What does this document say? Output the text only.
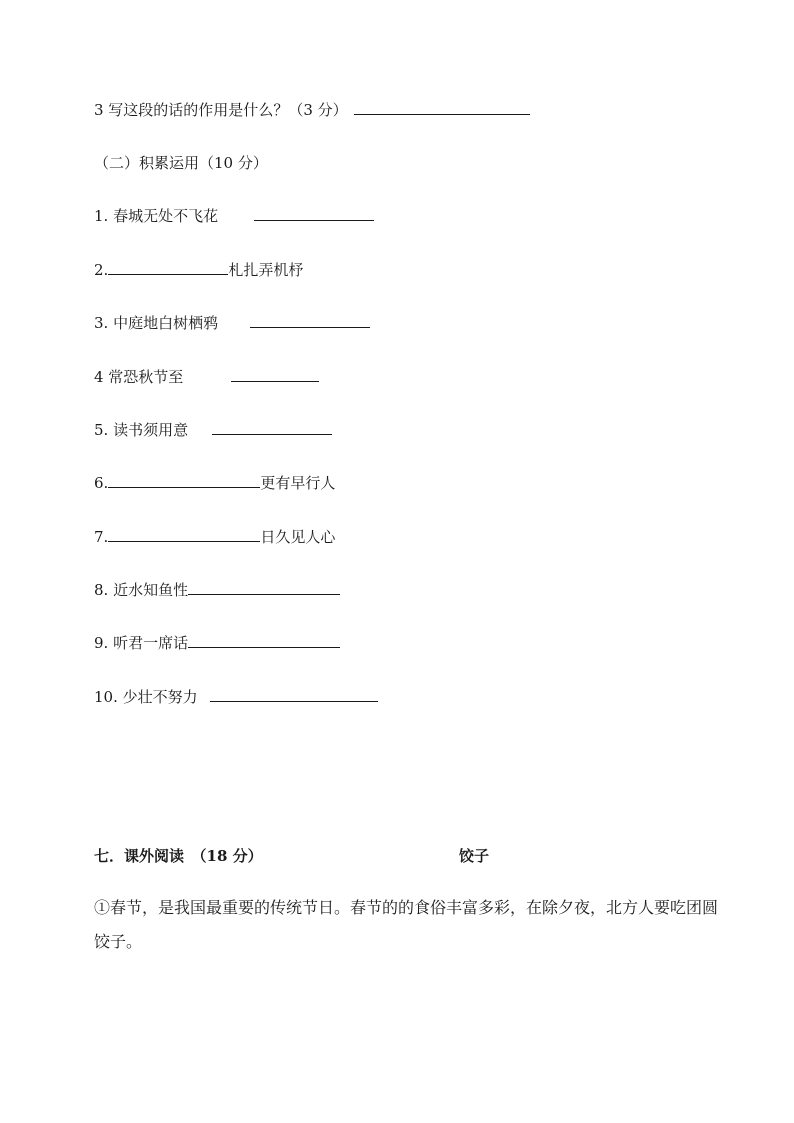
3 写这段的话的作用是什么？（3 分）
（二）积累运用（10 分）
1. 春城无处不飞花
2.	札扎弄机杼
3. 中庭地白树栖鸦
4 常恐秋节至
5. 读书须用意
6.	更有早行人
7.	日久见人心
8. 近水知鱼性
9. 听君一席话
10. 少壮不努力
七．课外阅读　（18 分）	饺子
①春节，是我国最重要的传统节日。春节的的食俗丰富多彩，在除夕夜，北方人要吃团圆饺子。
